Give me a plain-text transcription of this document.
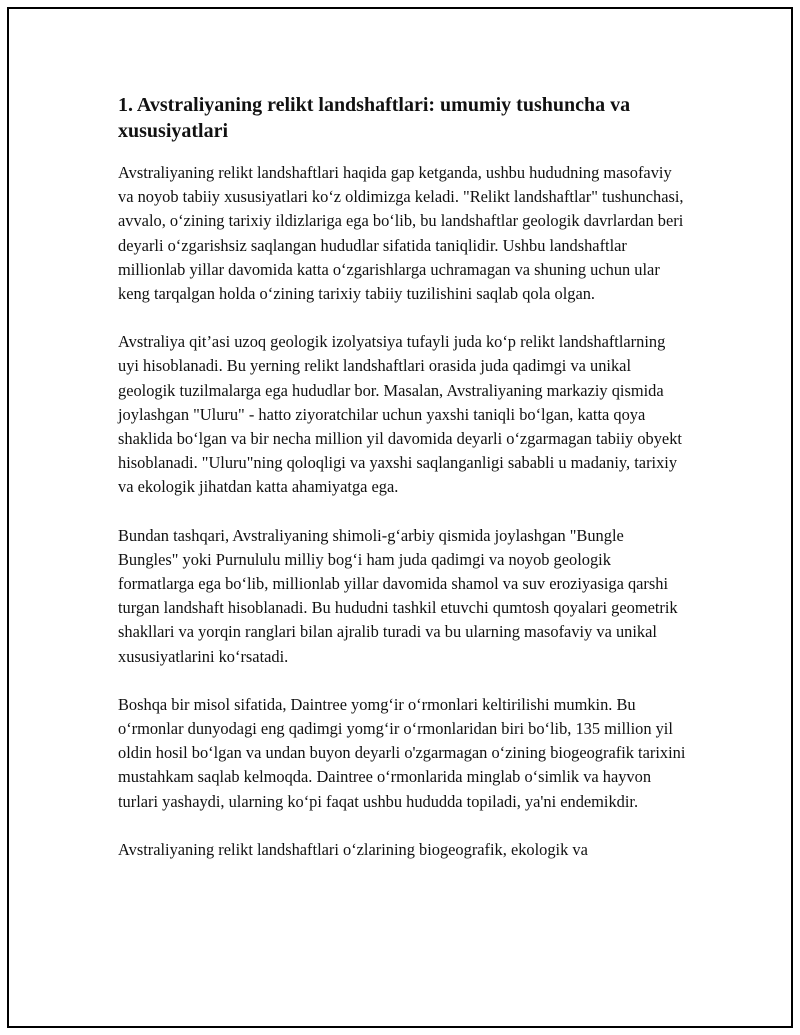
1. Avstraliyaning relikt landshaftlari: umumiy tushuncha va xususiyatlari

Avstraliyaning relikt landshaftlari haqida gap ketganda, ushbu hududning masofaviy va noyob tabiiy xususiyatlari ko‘z oldimizga keladi. "Relikt landshaftlar" tushunchasi, avvalo, o‘zining tarixiy ildizlariga ega bo‘lib, bu landshaftlar geologik davrlardan beri deyarli o‘zgarishsiz saqlangan hududlar sifatida taniqlidir. Ushbu landshaftlar millionlab yillar davomida katta o‘zgarishlarga uchramagan va shuning uchun ular keng tarqalgan holda o‘zining tarixiy tabiiy tuzilishini saqlab qola olgan.

Avstraliya qit’asi uzoq geologik izolyatsiya tufayli juda ko‘p relikt landshaftlarning uyi hisoblanadi. Bu yerning relikt landshaftlari orasida juda qadimgi va unikal geologik tuzilmalarga ega hududlar bor. Masalan, Avstraliyaning markaziy qismida joylashgan "Uluru" - hatto ziyoratchilar uchun yaxshi taniqli bo‘lgan, katta qoya shaklida bo‘lgan va bir necha million yil davomida deyarli o‘zgarmagan tabiiy obyekt hisoblanadi. "Uluru"ning qoloqligi va yaxshi saqlanganligi sababli u madaniy, tarixiy va ekologik jihatdan katta ahamiyatga ega.

Bundan tashqari, Avstraliyaning shimoli-g‘arbiy qismida joylashgan "Bungle Bungles" yoki Purnululu milliy bog‘i ham juda qadimgi va noyob geologik formatlarga ega bo‘lib, millionlab yillar davomida shamol va suv eroziyasiga qarshi turgan landshaft hisoblanadi. Bu hududni tashkil etuvchi qumtosh qoyalari geometrik shakllari va yorqin ranglari bilan ajralib turadi va bu ularning masofaviy va unikal xususiyatlarini ko‘rsatadi.

Boshqa bir misol sifatida, Daintree yomg‘ir o‘rmonlari keltirilishi mumkin. Bu o‘rmonlar dunyodagi eng qadimgi yomg‘ir o‘rmonlaridan biri bo‘lib, 135 million yil oldin hosil bo‘lgan va undan buyon deyarli o'zgarmagan o‘zining biogeografik tarixini mustahkam saqlab kelmoqda. Daintree o‘rmonlarida minglab o‘simlik va hayvon turlari yashaydi, ularning ko‘pi faqat ushbu hududda topiladi, ya'ni endemikdir.

Avstraliyaning relikt landshaftlari o‘zlarining biogeografik, ekologik va
